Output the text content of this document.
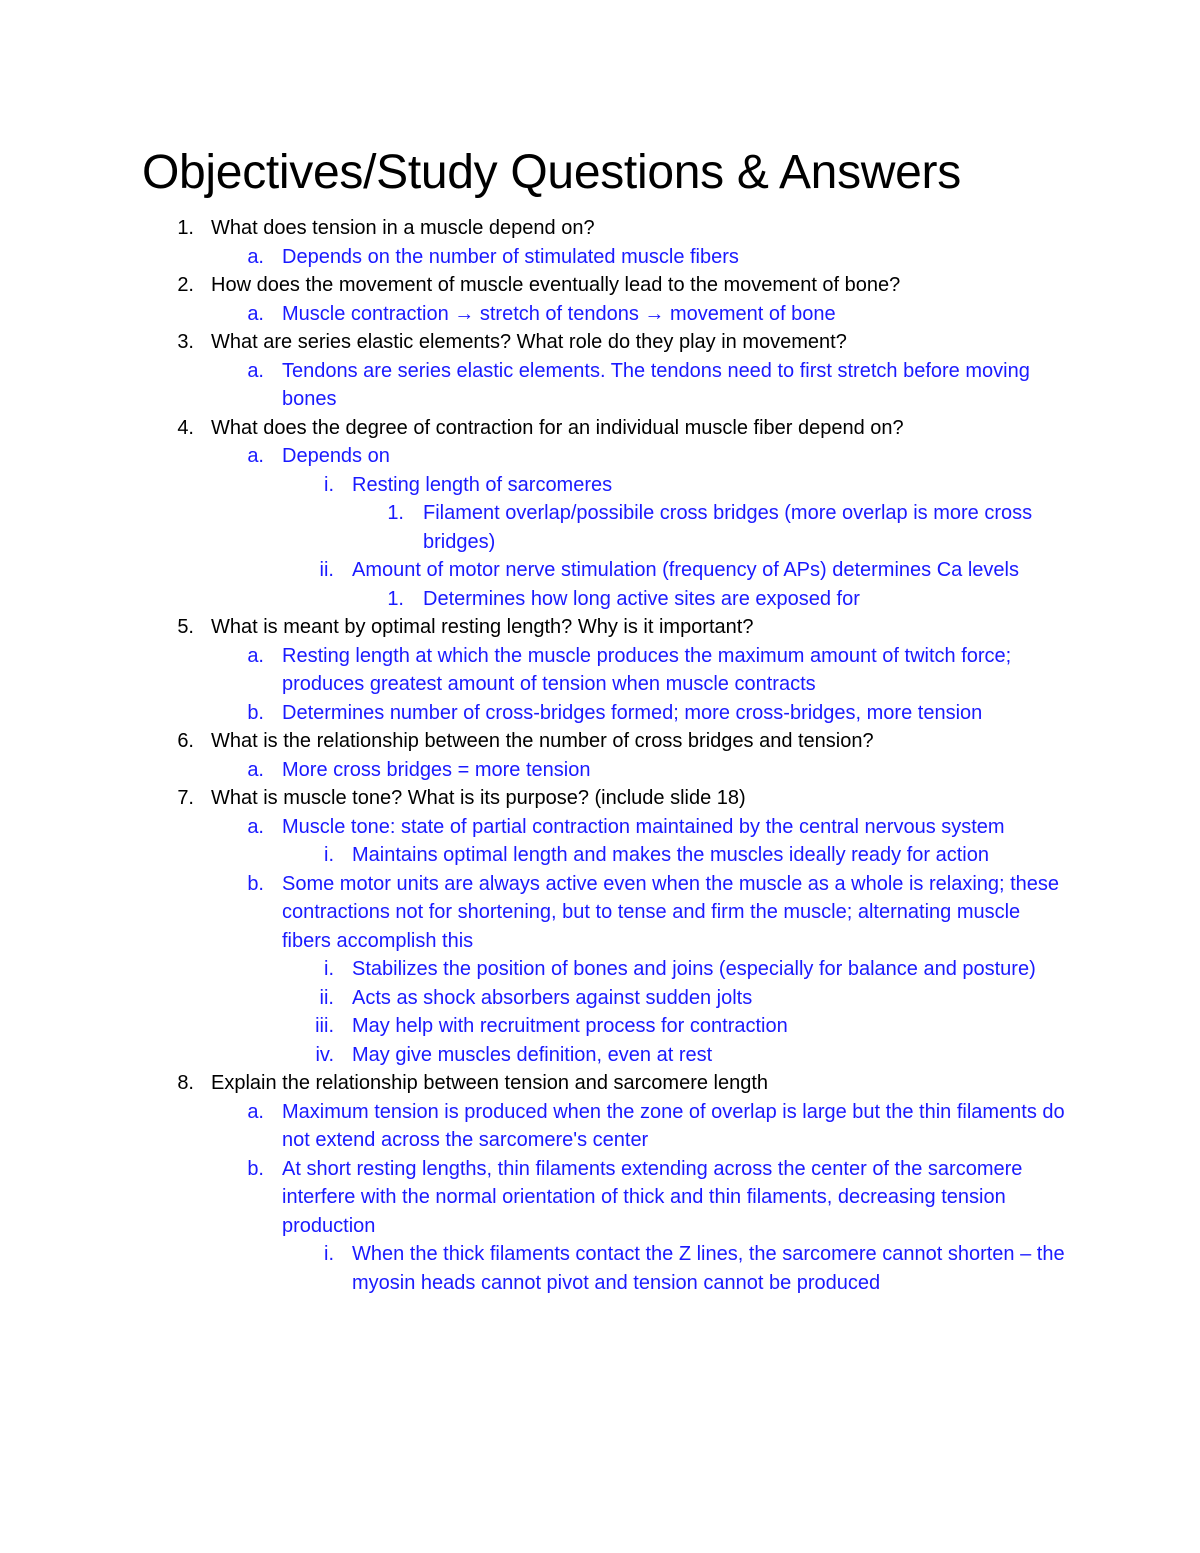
Objectives/Study Questions & Answers
1. What does tension in a muscle depend on?
a. Depends on the number of stimulated muscle fibers
2. How does the movement of muscle eventually lead to the movement of bone?
a. Muscle contraction → stretch of tendons → movement of bone
3. What are series elastic elements? What role do they play in movement?
a. Tendons are series elastic elements. The tendons need to first stretch before moving bones
4. What does the degree of contraction for an individual muscle fiber depend on?
a. Depends on
i. Resting length of sarcomeres
1. Filament overlap/possibile cross bridges (more overlap is more cross bridges)
ii. Amount of motor nerve stimulation (frequency of APs) determines Ca levels
1. Determines how long active sites are exposed for
5. What is meant by optimal resting length? Why is it important?
a. Resting length at which the muscle produces the maximum amount of twitch force; produces greatest amount of tension when muscle contracts
b. Determines number of cross-bridges formed; more cross-bridges, more tension
6. What is the relationship between the number of cross bridges and tension?
a. More cross bridges = more tension
7. What is muscle tone? What is its purpose? (include slide 18)
a. Muscle tone: state of partial contraction maintained by the central nervous system
i. Maintains optimal length and makes the muscles ideally ready for action
b. Some motor units are always active even when the muscle as a whole is relaxing; these contractions not for shortening, but to tense and firm the muscle; alternating muscle fibers accomplish this
i. Stabilizes the position of bones and joins (especially for balance and posture)
ii. Acts as shock absorbers against sudden jolts
iii. May help with recruitment process for contraction
iv. May give muscles definition, even at rest
8. Explain the relationship between tension and sarcomere length
a. Maximum tension is produced when the zone of overlap is large but the thin filaments do not extend across the sarcomere's center
b. At short resting lengths, thin filaments extending across the center of the sarcomere interfere with the normal orientation of thick and thin filaments, decreasing tension production
i. When the thick filaments contact the Z lines, the sarcomere cannot shorten – the myosin heads cannot pivot and tension cannot be produced
